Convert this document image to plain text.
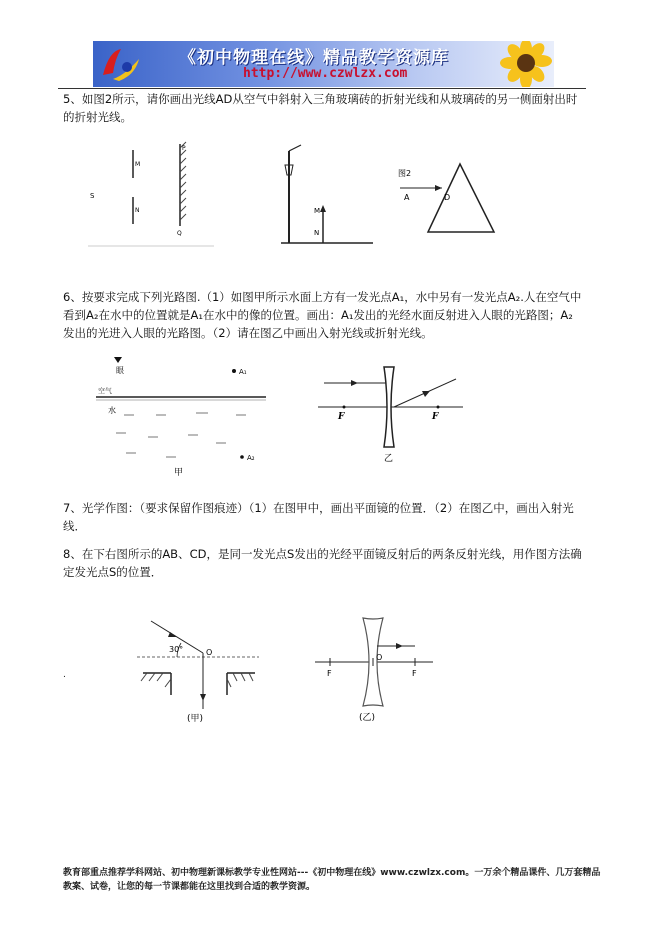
《初中物理在线》精品教学资源库
http://www.czwlzx.com
5、如图2所示，请你画出光线AD从空气中斜射入三角玻璃砖的折射光线和从玻璃砖的另一侧面射出时的折射光线。
S
M
N
P
Q
M
N
图2
A	D
6、按要求完成下列光路图.（1）如图甲所示水面上方有一发光点A₁，水中另有一发光点A₂.人在空气中看到A₂在水中的位置就是A₁在水中的像的位置。画出：A₁发出的光经水面反射进入人眼的光路图；A₂发出的光进入人眼的光路图。（2）请在图乙中画出入射光线或折射光线。
眼
空气
水
A₁
A₂
甲
F	F
乙
7、光学作图：（要求保留作图痕迹）（1）在图甲中，画出平面镜的位置．（2）在图乙中，画出入射光线．
8、在下右图所示的AB、CD，是同一发光点S发出的光经平面镜反射后的两条反射光线，用作图方法确定发光点S的位置．
30°	O
(甲)
F
O
F
(乙)
.
教育部重点推荐学科网站、初中物理新课标教学专业性网站---《初中物理在线》www.czwlzx.com。一万余个精品课件、几万套精品教案、试卷，让您的每一节课都能在这里找到合适的教学资源。
